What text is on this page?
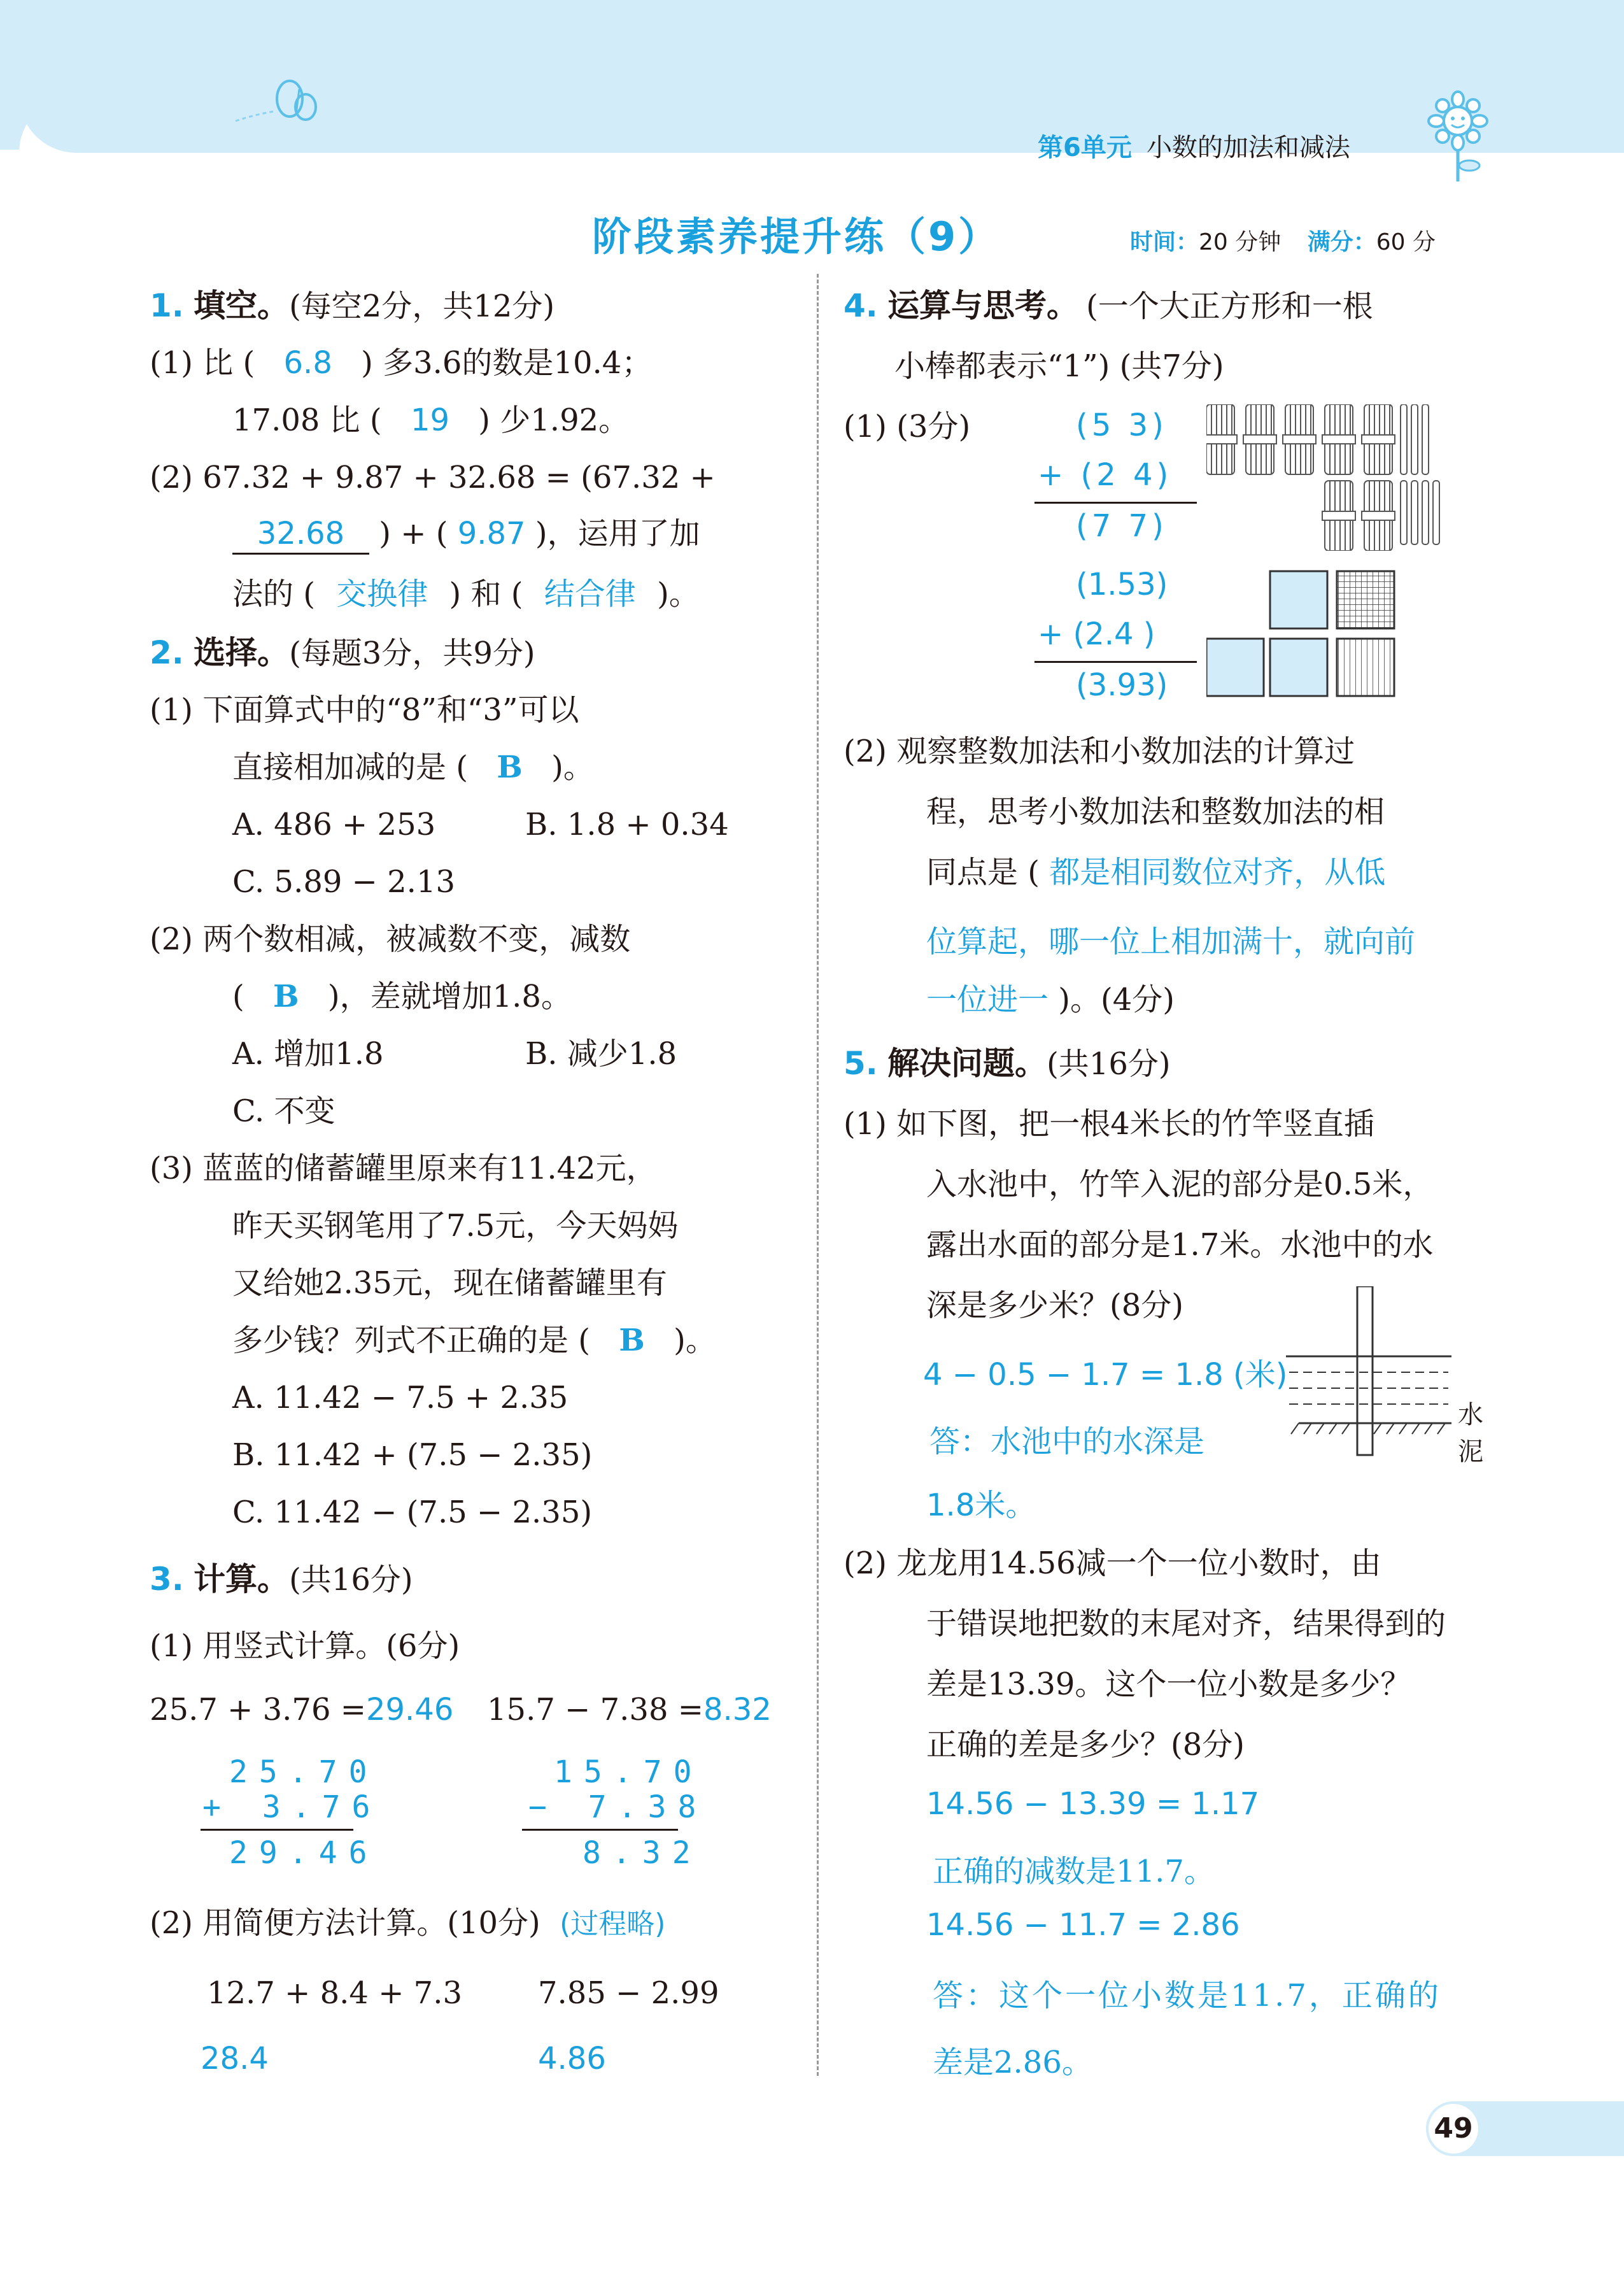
第6单元 小数的加法和减法
阶段素养提升练（9）	时间：20 分钟 满分：60 分
1. 填空。(每空2分，共12分)
(1) 比 ( 6.8 ) 多3.6的数是10.4；
17.08 比 ( 19 ) 少1.92。
(2) 67.32 + 9.87 + 32.68 = (67.32 +
32.68 ) + ( 9.87 )，运用了加
法的 ( 交换律 ) 和 ( 结合律 )。
2. 选择。(每题3分，共9分)
(1) 下面算式中的“8”和“3”可以
直接相加减的是 ( B )。
A. 486 + 253	B. 1.8 + 0.34
C. 5.89 − 2.13
(2) 两个数相减，被减数不变，减数
( B )，差就增加1.8。
A. 增加1.8	B. 减少1.8
C. 不变
(3) 蓝蓝的储蓄罐里原来有11.42元，
昨天买钢笔用了7.5元，今天妈妈
又给她2.35元，现在储蓄罐里有
多少钱？列式不正确的是 ( B )。
A. 11.42 − 7.5 + 2.35
B. 11.42 + (7.5 − 2.35)
C. 11.42 − (7.5 − 2.35)
3. 计算。(共16分)
(1) 用竖式计算。(6分)
25.7 + 3.76 =29.46 15.7 − 7.38 =8.32
25.70
+ 3.76
29.46
15.70
− 7.38
8.32
(2) 用简便方法计算。(10分) (过程略)
12.7 + 8.4 + 7.3 7.85 − 2.99
28.4	4.86
4. 运算与思考。 (一个大正方形和一根
小棒都表示“1”) (共7分)
(1) (3分)	(5 3)
+ (2 4)
(7 7)
(1.53)
+ (2.4 )
(3.93)
(2) 观察整数加法和小数加法的计算过
程，思考小数加法和整数加法的相
同点是 ( 都是相同数位对齐，从低
位算起，哪一位上相加满十，就向前
一位进一 )。(4分)
5. 解决问题。(共16分)
(1) 如下图，把一根4米长的竹竿竖直插
入水池中，竹竿入泥的部分是0.5米，
露出水面的部分是1.7米。水池中的水
深是多少米？(8分)
4 − 0.5 − 1.7 = 1.8 (米)
答：水池中的水深是
1.8米。
水
泥
(2) 龙龙用14.56减一个一位小数时，由
于错误地把数的末尾对齐，结果得到的
差是13.39。这个一位小数是多少？
正确的差是多少？(8分)
14.56 − 13.39 = 1.17
正确的减数是11.7。
14.56 − 11.7 = 2.86
答：这个一位小数是11.7，正确的
差是2.86。
49
